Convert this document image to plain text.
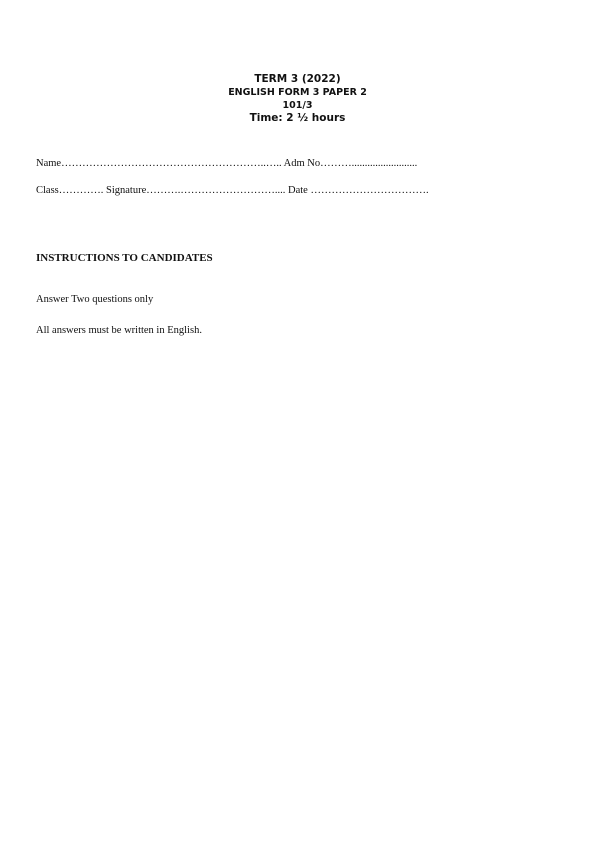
TERM 3 (2022)
ENGLISH FORM 3 PAPER 2
101/3
Time: 2 ½ hours
Name…………………………………………………..….. Adm No……….........................
Class…………. Signature……….……………………….... Date …………………………….
INSTRUCTIONS TO CANDIDATES
Answer Two questions only
All answers must be written in English.
